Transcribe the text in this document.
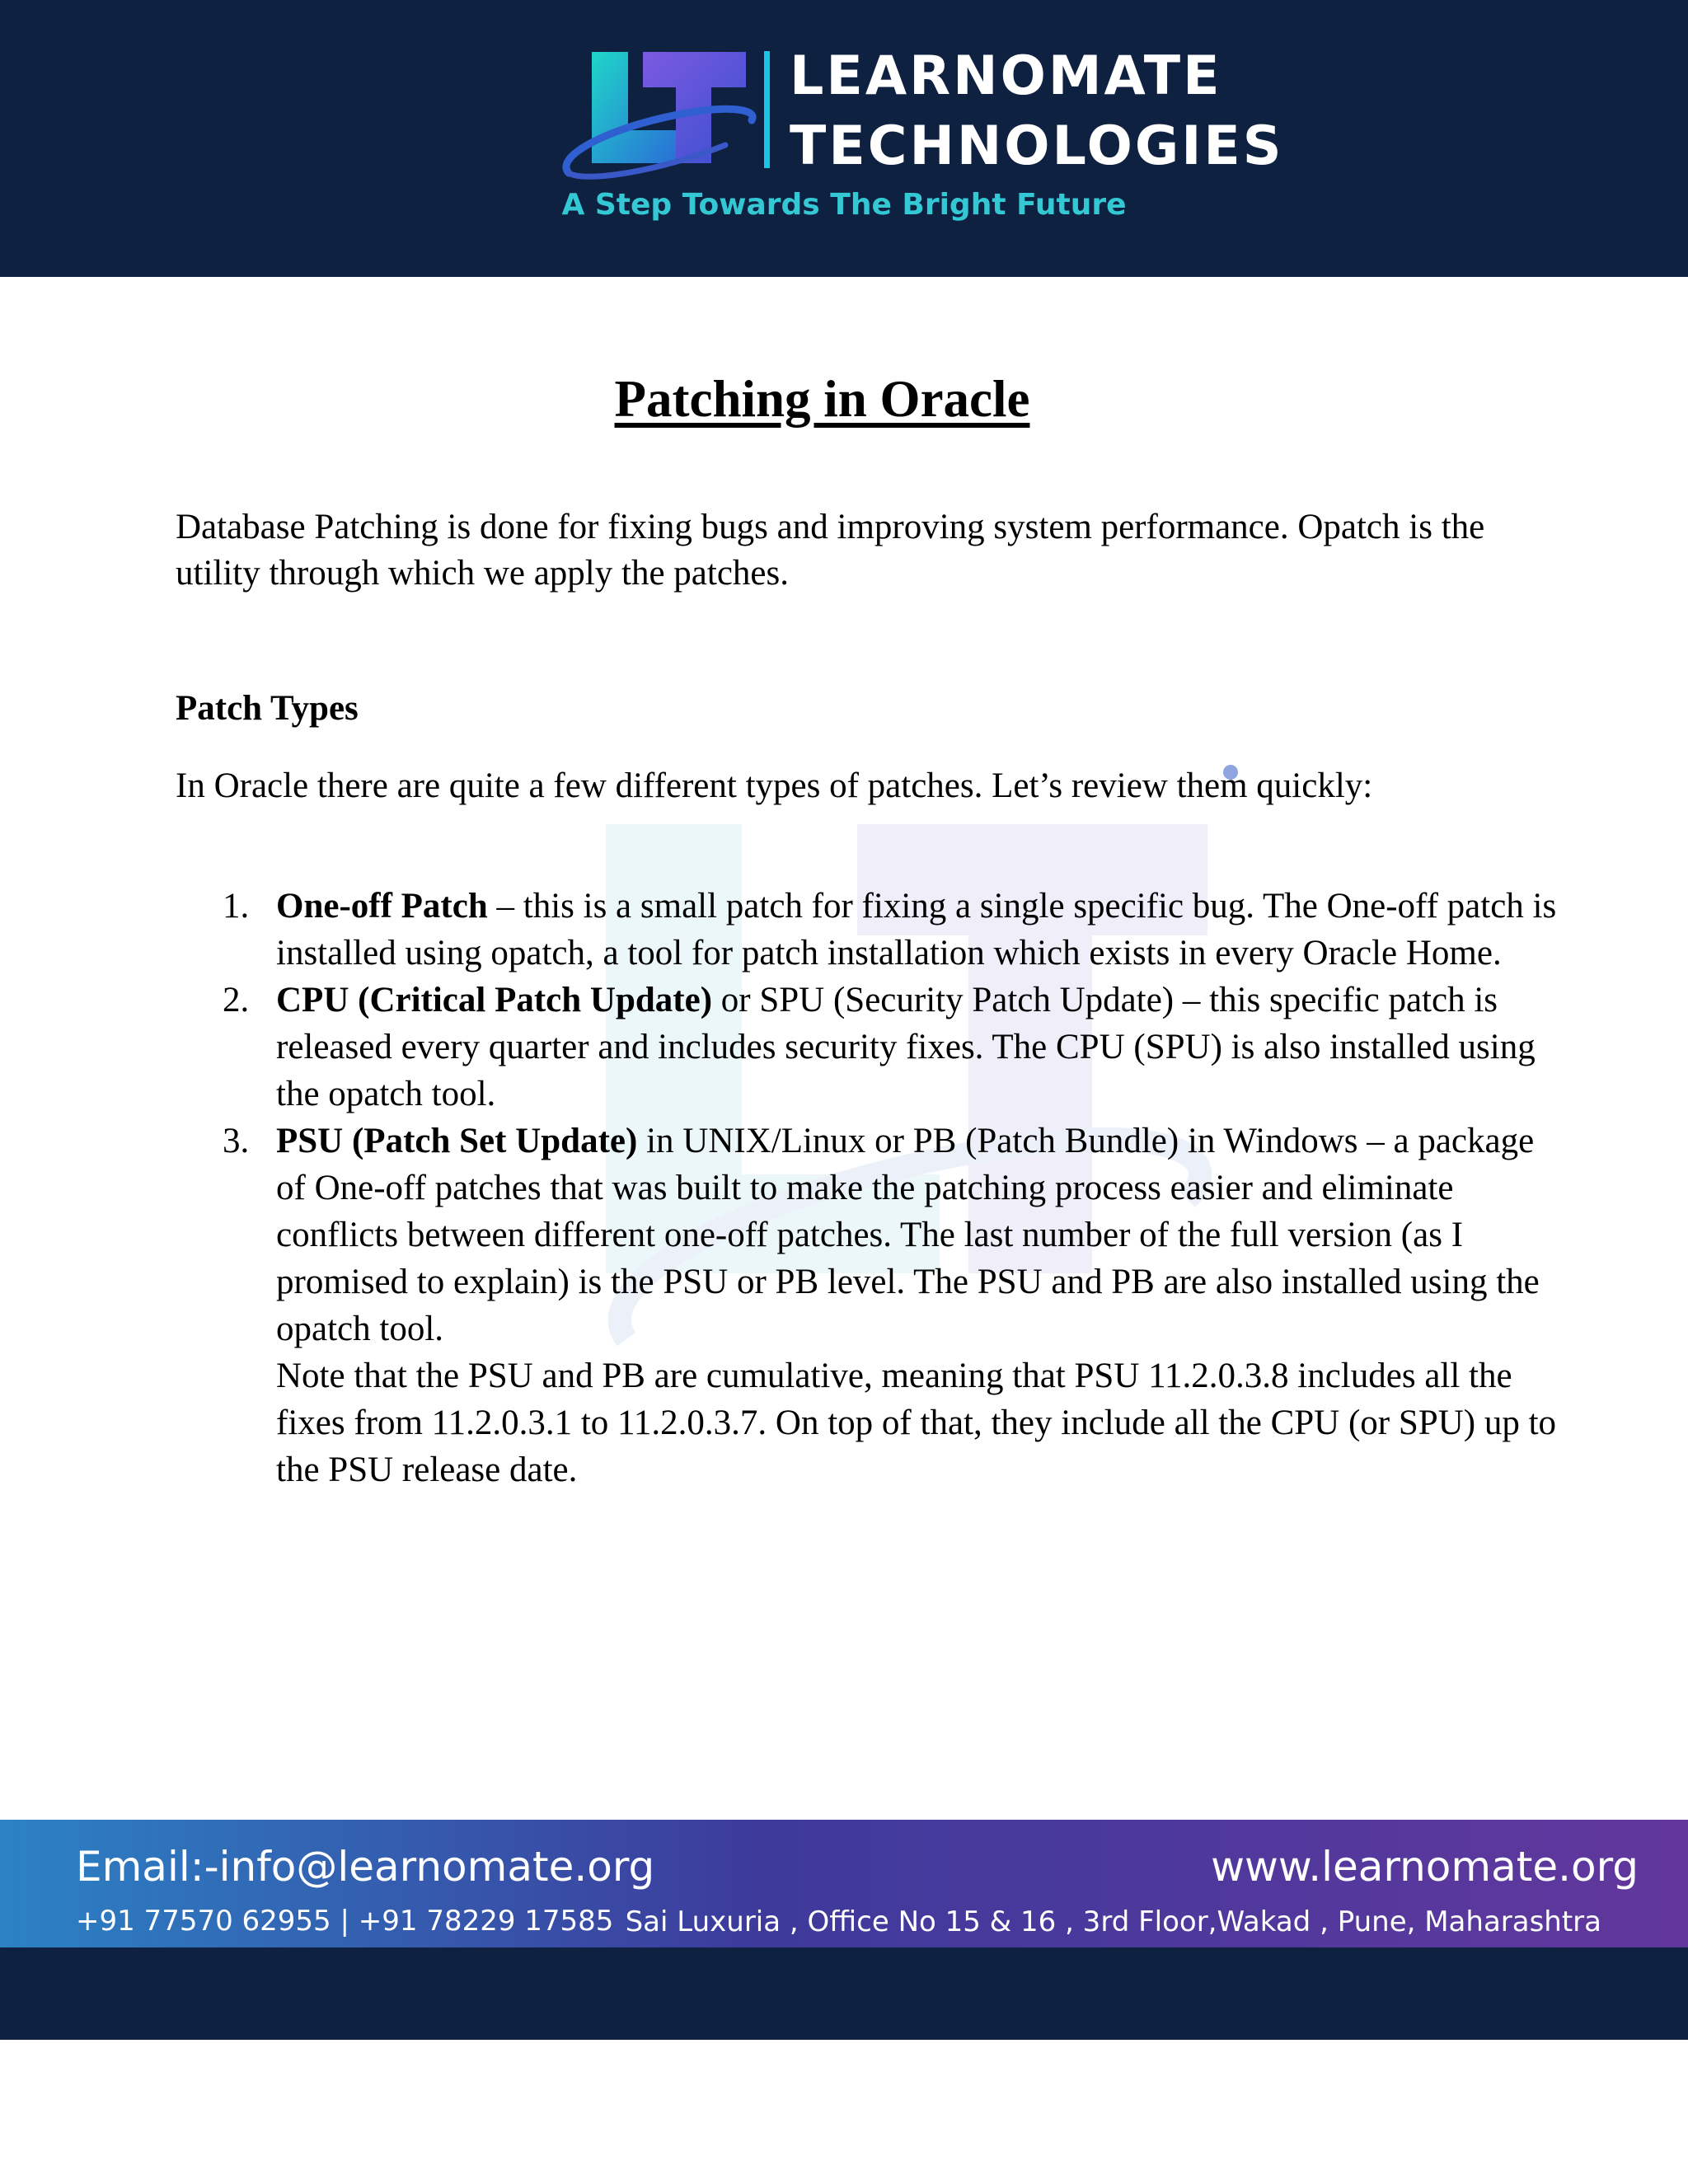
LEARNOMATE
TECHNOLOGIES
A Step Towards The Bright Future
Patching in Oracle

Database Patching is done for fixing bugs and improving system performance. Opatch is the utility through which we apply the patches.

Patch Types

In Oracle there are quite a few different types of patches. Let’s review them quickly:

1. One-off Patch – this is a small patch for fixing a single specific bug. The One-off patch is installed using opatch, a tool for patch installation which exists in every Oracle Home.
2. CPU (Critical Patch Update) or SPU (Security Patch Update) – this specific patch is released every quarter and includes security fixes. The CPU (SPU) is also installed using the opatch tool.
3. PSU (Patch Set Update) in UNIX/Linux or PB (Patch Bundle) in Windows – a package of One-off patches that was built to make the patching process easier and eliminate conflicts between different one-off patches. The last number of the full version (as I promised to explain) is the PSU or PB level. The PSU and PB are also installed using the opatch tool.
Note that the PSU and PB are cumulative, meaning that PSU 11.2.0.3.8 includes all the fixes from 11.2.0.3.1 to 11.2.0.3.7. On top of that, they include all the CPU (or SPU) up to the PSU release date.
Email:-info@learnomate.org	www.learnomate.org
+91 77570 62955 | +91 78229 17585 Sai Luxuria , Office No 15 & 16 , 3rd Floor,Wakad , Pune, Maharashtra
